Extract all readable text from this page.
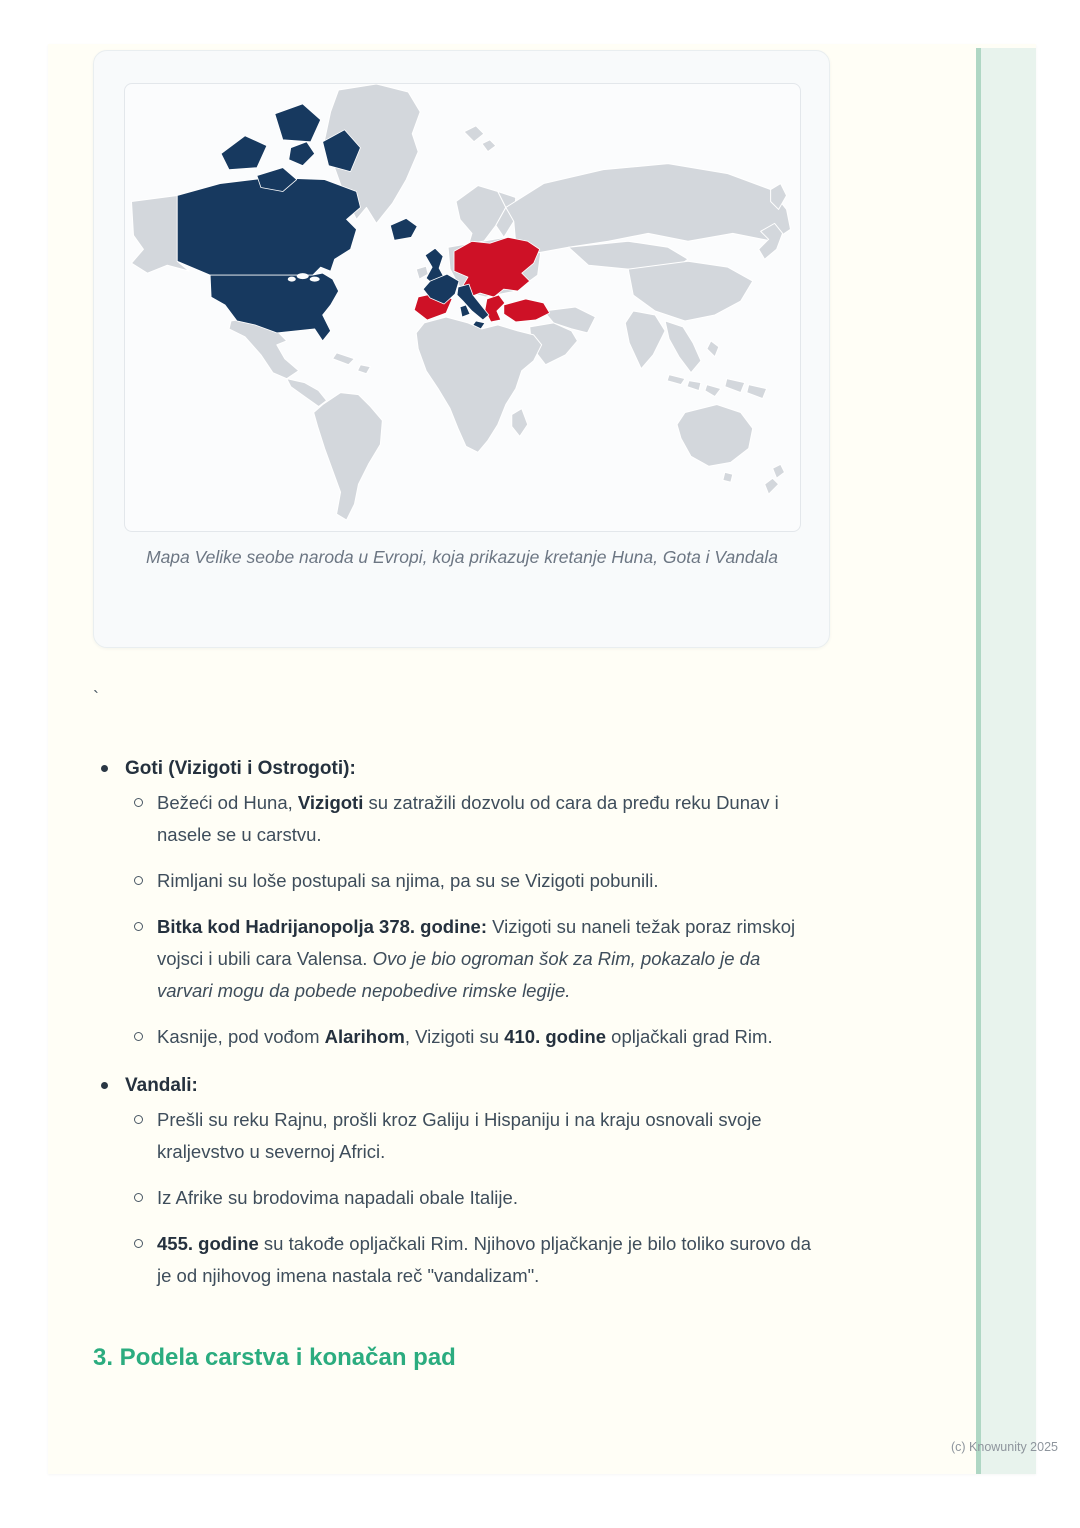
Mapa Velike seobe naroda u Evropi, koja prikazuje kretanje Huna, Gota i Vandala
`
Goti (Vizigoti i Ostrogoti):
Bežeći od Huna, Vizigoti su zatražili dozvolu od cara da pređu reku Dunav i nasele se u carstvu.
Rimljani su loše postupali sa njima, pa su se Vizigoti pobunili.
Bitka kod Hadrijanopolja 378. godine: Vizigoti su naneli težak poraz rimskoj vojsci i ubili cara Valensa. Ovo je bio ogroman šok za Rim, pokazalo je da varvari mogu da pobede nepobedive rimske legije.
Kasnije, pod vođom Alarihom, Vizigoti su 410. godine opljačkali grad Rim.
Vandali:
Prešli su reku Rajnu, prošli kroz Galiju i Hispaniju i na kraju osnovali svoje kraljevstvo u severnoj Africi.
Iz Afrike su brodovima napadali obale Italije.
455. godine su takođe opljačkali Rim. Njihovo pljačkanje je bilo toliko surovo da je od njihovog imena nastala reč "vandalizam".
3. Podela carstva i konačan pad
(c) Knowunity 2025
